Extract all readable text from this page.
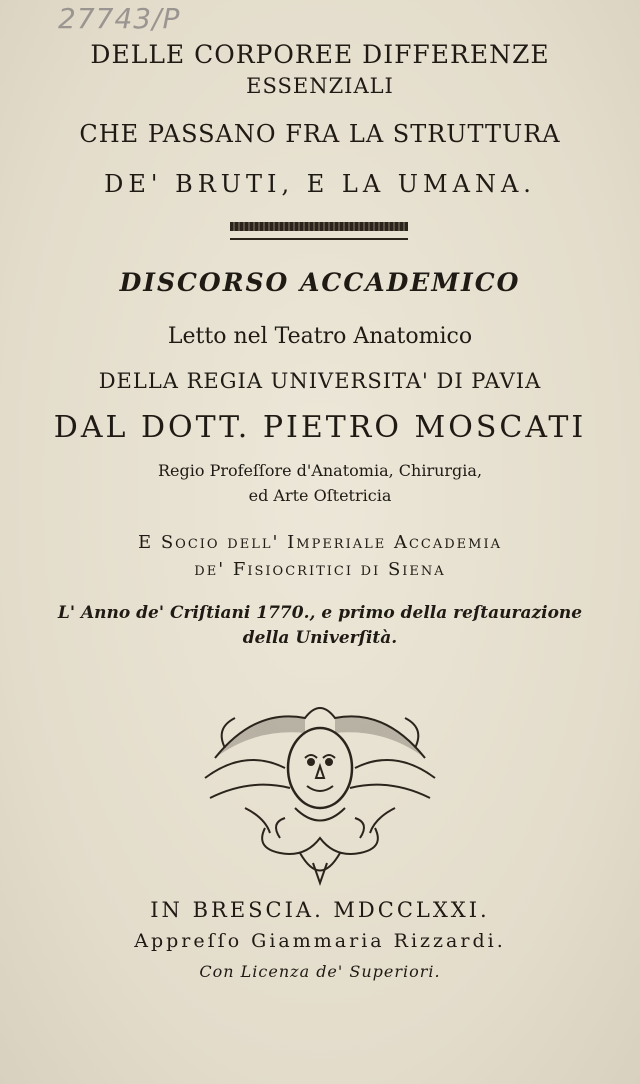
27743/P
DELLE CORPOREE DIFFERENZE
ESSENZIALI
CHE PASSANO FRA LA STRUTTURA
DE' BRUTI, E LA UMANA.
DISCORSO ACCADEMICO
Letto nel Teatro Anatomico
DELLA REGIA UNIVERSITA' DI PAVIA
DAL DOTT. PIETRO MOSCATI
Regio Profeſſore d'Anatomia, Chirurgia,
ed Arte Oſtetricia
E Socio dell' Imperiale Accademia
de' Fisiocritici di Siena
L' Anno de' Criſtiani 1770., e primo della reſtaurazione
della Univerſità.
IN BRESCIA. MDCCLXXI.
Appreſſo Giammaria Rizzardi.
Con Licenza de' Superiori.
